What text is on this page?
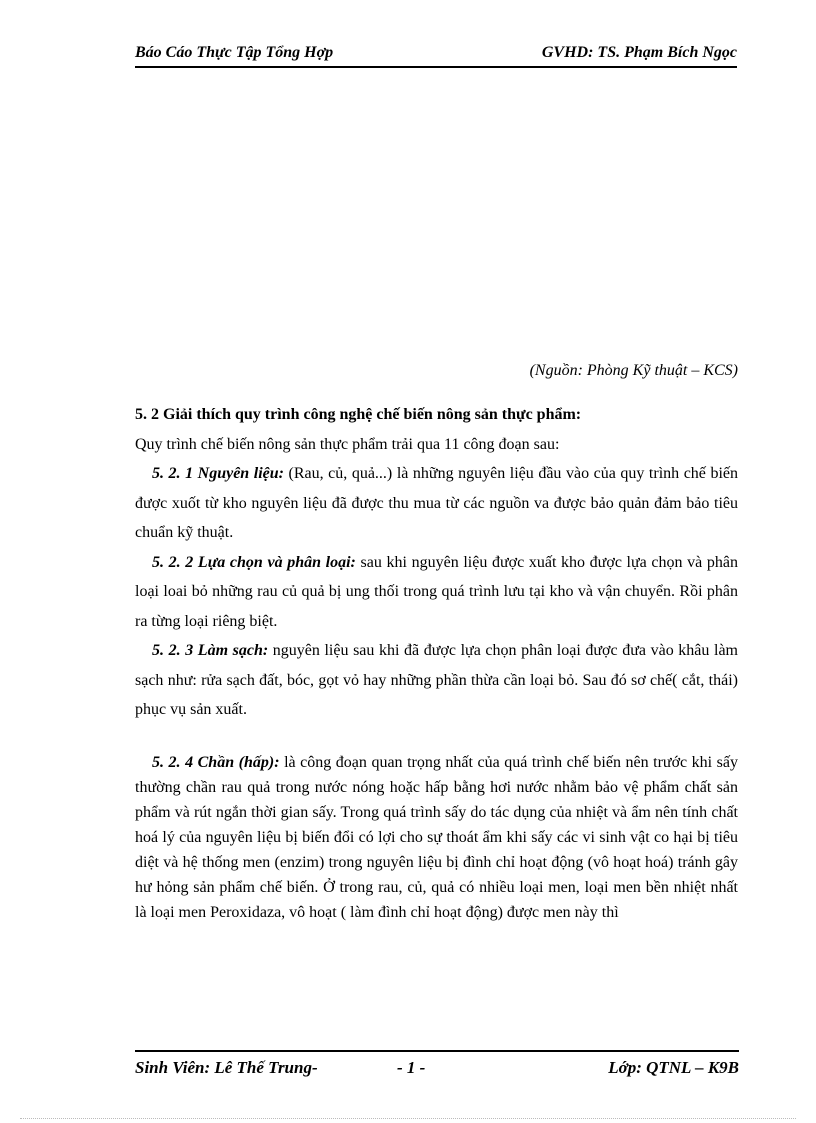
Báo Cáo Thực Tập Tổng Hợp	GVHD: TS. Phạm Bích Ngọc
(Nguồn: Phòng Kỹ thuật – KCS)

5. 2 Giải thích quy trình công nghệ chế biến nông sản thực phẩm:

Quy trình chế biến nông sản thực phẩm trải qua 11 công đoạn sau:

5. 2. 1 Nguyên liệu: (Rau, củ, quả...) là những nguyên liệu đầu vào của quy trình chế biến được xuốt từ kho nguyên liệu đã được thu mua từ các nguồn va được bảo quản đảm bảo tiêu chuẩn kỹ thuật.

5. 2. 2 Lựa chọn và phân loại: sau khi nguyên liệu được xuất kho được lựa chọn và phân loại loai bỏ những rau củ quả bị ung thối trong quá trình lưu tại kho và vận chuyển. Rồi phân ra từng loại riêng biệt.

5. 2. 3 Làm sạch: nguyên liệu sau khi đã được lựa chọn phân loại được đưa vào khâu làm sạch như: rửa sạch đất, bóc, gọt vỏ hay những phần thừa cần loại bỏ. Sau đó sơ chế( cắt, thái) phục vụ sản xuất.

5. 2. 4 Chần (hấp): là công đoạn quan trọng nhất của quá trình chế biến nên trước khi sấy thường chần rau quả trong nước nóng hoặc hấp bằng hơi nước nhằm bảo vệ phẩm chất sản phẩm và rút ngắn thời gian sấy. Trong quá trình sấy do tác dụng của nhiệt và ẩm nên tính chất hoá lý của nguyên liệu bị biến đổi có lợi cho sự thoát ẩm khi sấy các vi sinh vật co hại bị tiêu diệt và hệ thống men (enzim) trong nguyên liệu bị đình chỉ hoạt động (vô hoạt hoá) tránh gây hư hỏng sản phẩm chế biến. Ở trong rau, củ, quả có nhiều loại men, loại men bền nhiệt nhất là loại men Peroxidaza, vô hoạt ( làm đình chỉ hoạt động) được men này thì

Sinh Viên: Lê Thế Trung-	- 1 -	Lớp: QTNL – K9B
